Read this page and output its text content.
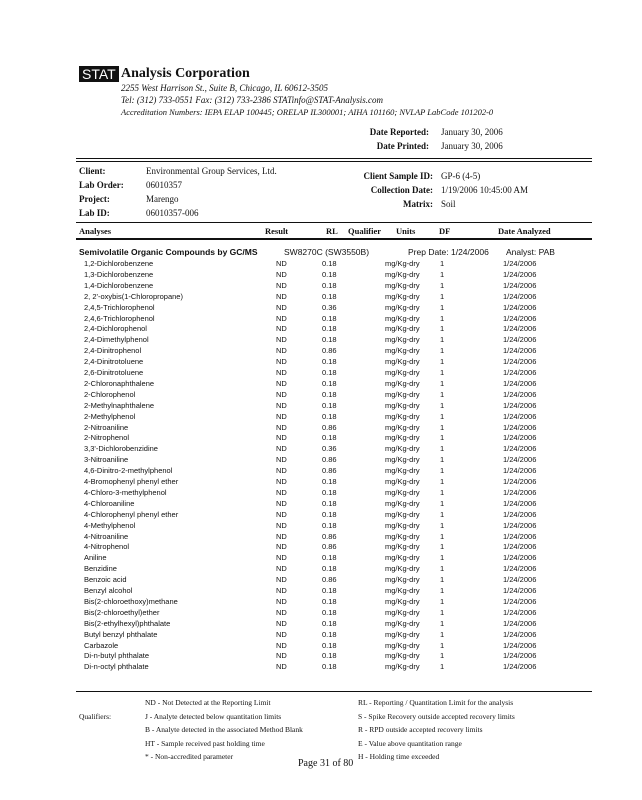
STAT Analysis Corporation
2255 West Harrison St., Suite B, Chicago, IL 60612-3505
Tel: (312) 733-0551 Fax: (312) 733-2386 STATinfo@STAT-Analysis.com
Accreditation Numbers: IEPA ELAP 100445; ORELAP IL300001; AIHA 101160; NVLAP LabCode 101202-0
Date Reported: January 30, 2006
Date Printed: January 30, 2006
Client:	Environmental Group Services, Ltd.
Lab Order: 06010357
Project:	Marengo
Lab ID:	06010357-006
Client Sample ID: GP-6 (4-5)
Collection Date: 1/19/2006 10:45:00 AM
Matrix: Soil
Analyses	Result	RL Qualifier Units	DF	Date Analyzed
Semivolatile Organic Compounds by GC/MS	SW8270C (SW3550B)	Prep Date: 1/24/2006 Analyst: PAB
1,2-Dichlorobenzene	ND	0.18	mg/Kg-dry	1	1/24/2006
1,3-Dichlorobenzene	ND	0.18	mg/Kg-dry	1	1/24/2006
1,4-Dichlorobenzene	ND	0.18	mg/Kg-dry	1	1/24/2006
2, 2'-oxybis(1-Chloropropane)	ND	0.18	mg/Kg-dry	1	1/24/2006
2,4,5-Trichlorophenol	ND	0.36	mg/Kg-dry	1	1/24/2006
2,4,6-Trichlorophenol	ND	0.18	mg/Kg-dry	1	1/24/2006
2,4-Dichlorophenol	ND	0.18	mg/Kg-dry	1	1/24/2006
2,4-Dimethylphenol	ND	0.18	mg/Kg-dry	1	1/24/2006
2,4-Dinitrophenol	ND	0.86	mg/Kg-dry	1	1/24/2006
2,4-Dinitrotoluene	ND	0.18	mg/Kg-dry	1	1/24/2006
2,6-Dinitrotoluene	ND	0.18	mg/Kg-dry	1	1/24/2006
2-Chloronaphthalene	ND	0.18	mg/Kg-dry	1	1/24/2006
2-Chlorophenol	ND	0.18	mg/Kg-dry	1	1/24/2006
2-Methylnaphthalene	ND	0.18	mg/Kg-dry	1	1/24/2006
2-Methylphenol	ND	0.18	mg/Kg-dry	1	1/24/2006
2-Nitroaniline	ND	0.86	mg/Kg-dry	1	1/24/2006
2-Nitrophenol	ND	0.18	mg/Kg-dry	1	1/24/2006
3,3'-Dichlorobenzidine	ND	0.36	mg/Kg-dry	1	1/24/2006
3-Nitroaniline	ND	0.86	mg/Kg-dry	1	1/24/2006
4,6-Dinitro-2-methylphenol	ND	0.86	mg/Kg-dry	1	1/24/2006
4-Bromophenyl phenyl ether	ND	0.18	mg/Kg-dry	1	1/24/2006
4-Chloro-3-methylphenol	ND	0.18	mg/Kg-dry	1	1/24/2006
4-Chloroaniline	ND	0.18	mg/Kg-dry	1	1/24/2006
4-Chlorophenyl phenyl ether	ND	0.18	mg/Kg-dry	1	1/24/2006
4-Methylphenol	ND	0.18	mg/Kg-dry	1	1/24/2006
4-Nitroaniline	ND	0.86	mg/Kg-dry	1	1/24/2006
4-Nitrophenol	ND	0.86	mg/Kg-dry	1	1/24/2006
Aniline	ND	0.18	mg/Kg-dry	1	1/24/2006
Benzidine	ND	0.18	mg/Kg-dry	1	1/24/2006
Benzoic acid	ND	0.86	mg/Kg-dry	1	1/24/2006
Benzyl alcohol	ND	0.18	mg/Kg-dry	1	1/24/2006
Bis(2-chloroethoxy)methane	ND	0.18	mg/Kg-dry	1	1/24/2006
Bis(2-chloroethyl)ether	ND	0.18	mg/Kg-dry	1	1/24/2006
Bis(2-ethylhexyl)phthalate	ND	0.18	mg/Kg-dry	1	1/24/2006
Butyl benzyl phthalate	ND	0.18	mg/Kg-dry	1	1/24/2006
Carbazole	ND	0.18	mg/Kg-dry	1	1/24/2006
Di-n-butyl phthalate	ND	0.18	mg/Kg-dry	1	1/24/2006
Di-n-octyl phthalate	ND	0.18	mg/Kg-dry	1	1/24/2006
Qualifiers:
ND - Not Detected at the Reporting Limit
J - Analyte detected below quantitation limits
B - Analyte detected in the associated Method Blank
HT - Sample received past holding time
* - Non-accredited parameter
RL - Reporting / Quantitation Limit for the analysis
S - Spike Recovery outside accepted recovery limits
R - RPD outside accepted recovery limits
E - Value above quantitation range
H - Holding time exceeded
Page 31 of 80
